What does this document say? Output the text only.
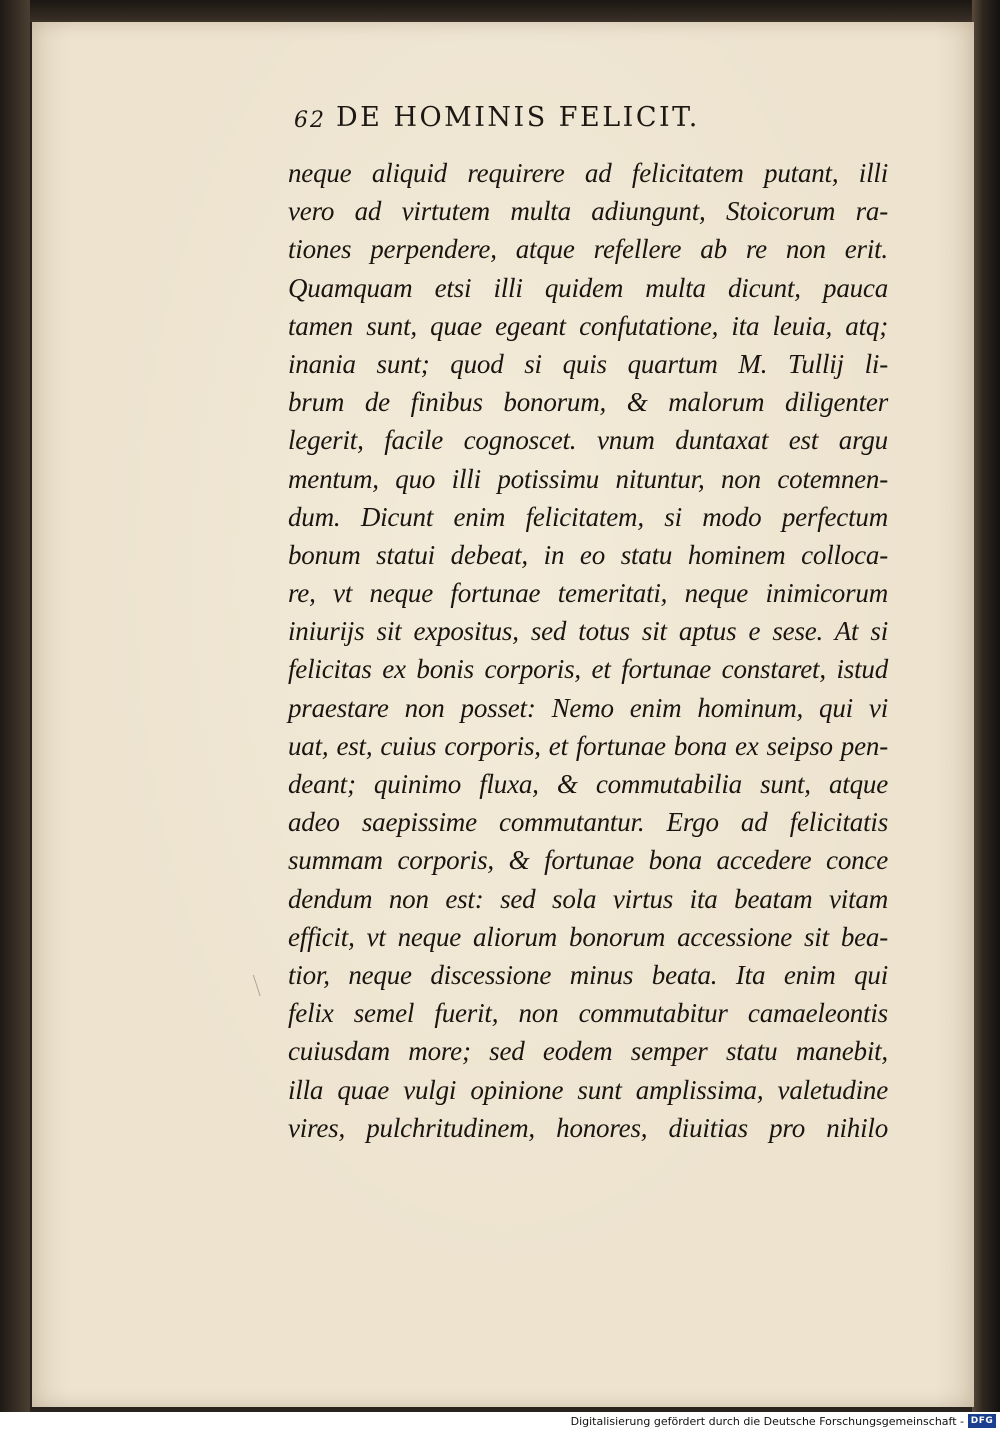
62 DE HOMINIS FELICIT.
neque aliquid requirere ad felicitatem putant, illi
vero ad virtutem multa adiungunt, Stoicorum ra-
tiones perpendere, atque refellere ab re non erit.
Quamquam etsi illi quidem multa dicunt, pauca
tamen sunt, quae egeant confutatione, ita leuia, atq;
inania sunt; quod si quis quartum M. Tullij li-
brum de finibus bonorum, & malorum diligenter
legerit, facile cognoscet. vnum duntaxat est argu
mentum, quo illi potissimu nituntur, non cotemnen-
dum. Dicunt enim felicitatem, si modo perfectum
bonum statui debeat, in eo statu hominem colloca-
re, vt neque fortunae temeritati, neque inimicorum
iniurijs sit expositus, sed totus sit aptus e sese. At si
felicitas ex bonis corporis, et fortunae constaret, istud
praestare non posset: Nemo enim hominum, qui vi
uat, est, cuius corporis, et fortunae bona ex seipso pen-
deant; quinimo fluxa, & commutabilia sunt, atque
adeo saepissime commutantur. Ergo ad felicitatis
summam corporis, & fortunae bona accedere conce
dendum non est: sed sola virtus ita beatam vitam
efficit, vt neque aliorum bonorum accessione sit bea-
tior, neque discessione minus beata. Ita enim qui
felix semel fuerit, non commutabitur camaeleontis
cuiusdam more; sed eodem semper statu manebit,
illa quae vulgi opinione sunt amplissima, valetudine
vires, pulchritudinem, honores, diuitias pro nihilo
Digitalisierung gefördert durch die Deutsche Forschungsgemeinschaft - DFG
